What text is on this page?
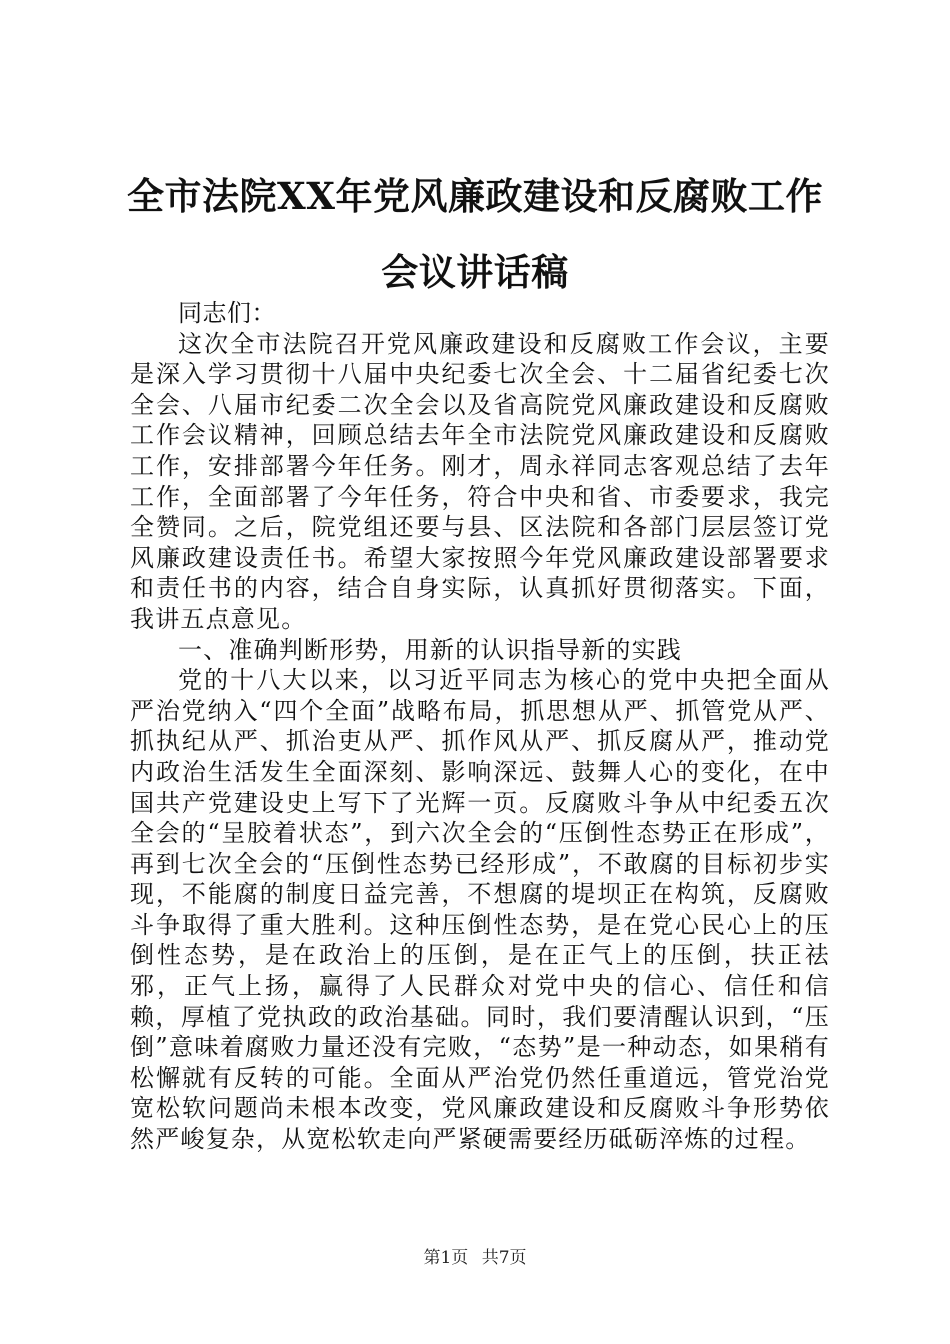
全市法院XX年党风廉政建设和反腐败工作会议讲话稿

同志们：

这次全市法院召开党风廉政建设和反腐败工作会议，主要是深入学习贯彻十八届中央纪委七次全会、十二届省纪委七次全会、八届市纪委二次全会以及省高院党风廉政建设和反腐败工作会议精神，回顾总结去年全市法院党风廉政建设和反腐败工作，安排部署今年任务。刚才，周永祥同志客观总结了去年工作，全面部署了今年任务，符合中央和省、市委要求，我完全赞同。之后，院党组还要与县、区法院和各部门层层签订党风廉政建设责任书。希望大家按照今年党风廉政建设部署要求和责任书的内容，结合自身实际，认真抓好贯彻落实。下面，我讲五点意见。

一、准确判断形势，用新的认识指导新的实践

党的十八大以来，以习近平同志为核心的党中央把全面从严治党纳入“四个全面”战略布局，抓思想从严、抓管党从严、抓执纪从严、抓治吏从严、抓作风从严、抓反腐从严，推动党内政治生活发生全面深刻、影响深远、鼓舞人心的变化，在中国共产党建设史上写下了光辉一页。反腐败斗争从中纪委五次全会的“呈胶着状态”，到六次全会的“压倒性态势正在形成”，再到七次全会的“压倒性态势已经形成”，不敢腐的目标初步实现，不能腐的制度日益完善，不想腐的堤坝正在构筑，反腐败斗争取得了重大胜利。这种压倒性态势，是在党心民心上的压倒性态势，是在政治上的压倒，是在正气上的压倒，扶正祛邪，正气上扬，赢得了人民群众对党中央的信心、信任和信赖，厚植了党执政的政治基础。同时，我们要清醒认识到，“压倒”意味着腐败力量还没有完败，“态势”是一种动态，如果稍有松懈就有反转的可能。全面从严治党仍然任重道远，管党治党宽松软问题尚未根本改变，党风廉政建设和反腐败斗争形势依然严峻复杂，从宽松软走向严紧硬需要经历砥砺淬炼的过程。

第1页 共7页
